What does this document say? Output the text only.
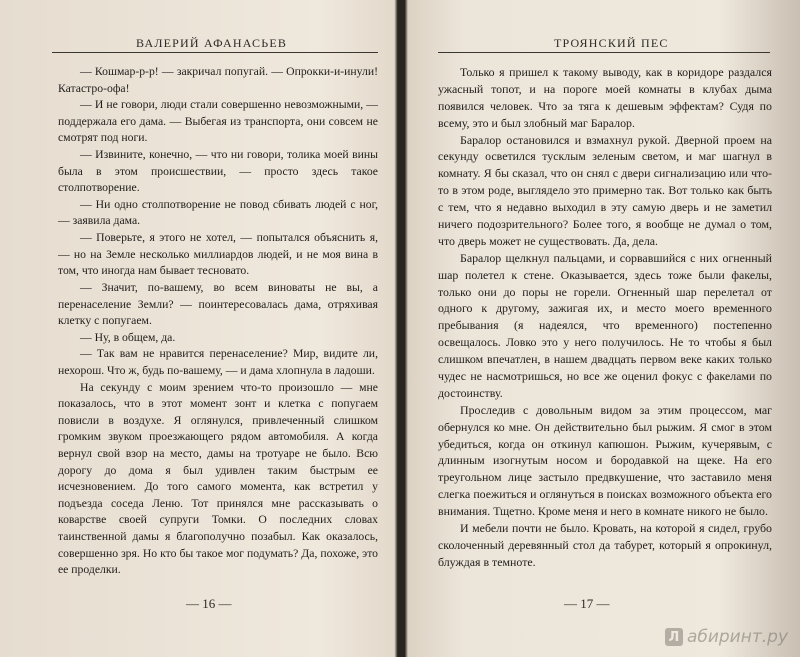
ВАЛЕРИЙ АФАНАСЬЕВ

— Кошмар-р-р! — закричал попугай. — Опрокки-и-инули! Катастро-офа!

— И не говори, люди стали совершенно невозможными, — поддержала его дама. — Выбегая из транспорта, они совсем не смотрят под ноги.

— Извините, конечно, — что ни говори, толика моей вины была в этом происшествии, — просто здесь такое столпотворение.

— Ни одно столпотворение не повод сбивать людей с ног, — заявила дама.

— Поверьте, я этого не хотел, — попытался объяснить я, — но на Земле несколько миллиардов людей, и не моя вина в том, что иногда нам бывает тесновато.

— Значит, по-вашему, во всем виноваты не вы, а перенаселение Земли? — поинтересовалась дама, отряхивая клетку с попугаем.

— Ну, в общем, да.

— Так вам не нравится перенаселение? Мир, видите ли, нехорош. Что ж, будь по-вашему, — и дама хлопнула в ладоши.

На секунду с моим зрением что-то произошло — мне показалось, что в этот момент зонт и клетка с попугаем повисли в воздухе. Я оглянулся, привлеченный слишком громким звуком проезжающего рядом автомобиля. А когда вернул свой взор на место, дамы на тротуаре не было. Всю дорогу до дома я был удивлен таким быстрым ее исчезновением. До того самого момента, как встретил у подъезда соседа Леню. Тот принялся мне рассказывать о коварстве своей супруги Томки. О последних словах таинственной дамы я благополучно позабыл. Как оказалось, совершенно зря. Но кто бы такое мог подумать? Да, похоже, это ее проделки.

— 16 —
ТРОЯНСКИЙ ПЕС

Только я пришел к такому выводу, как в коридоре раздался ужасный топот, и на пороге моей комнаты в клубах дыма появился человек. Что за тяга к дешевым эффектам? Судя по всему, это и был злобный маг Баралор.

Баралор остановился и взмахнул рукой. Дверной проем на секунду осветился тусклым зеленым светом, и маг шагнул в комнату. Я бы сказал, что он снял с двери сигнализацию или что-то в этом роде, выглядело это примерно так. Вот только как быть с тем, что я недавно выходил в эту самую дверь и не заметил ничего подозрительного? Более того, я вообще не думал о том, что дверь может не существовать. Да, дела.

Баралор щелкнул пальцами, и сорвавшийся с них огненный шар полетел к стене. Оказывается, здесь тоже были факелы, только они до поры не горели. Огненный шар перелетал от одного к другому, зажигая их, и место моего временного пребывания (я надеялся, что временного) постепенно освещалось. Ловко это у него получилось. Не то чтобы я был слишком впечатлен, в нашем двадцать первом веке каких только чудес не насмотришься, но все же оценил фокус с факелами по достоинству.

Проследив с довольным видом за этим процессом, маг обернулся ко мне. Он действительно был рыжим. Я смог в этом убедиться, когда он откинул капюшон. Рыжим, кучерявым, с длинным изогнутым носом и бородавкой на щеке. На его треугольном лице застыло предвкушение, что заставило меня слегка поежиться и оглянуться в поисках возможного объекта его внимания. Тщетно. Кроме меня и него в комнате никого не было.

И мебели почти не было. Кровать, на которой я сидел, грубо сколоченный деревянный стол да табурет, который я опрокинул, блуждая в темноте.

— 17 —
Л абиринт.ру
